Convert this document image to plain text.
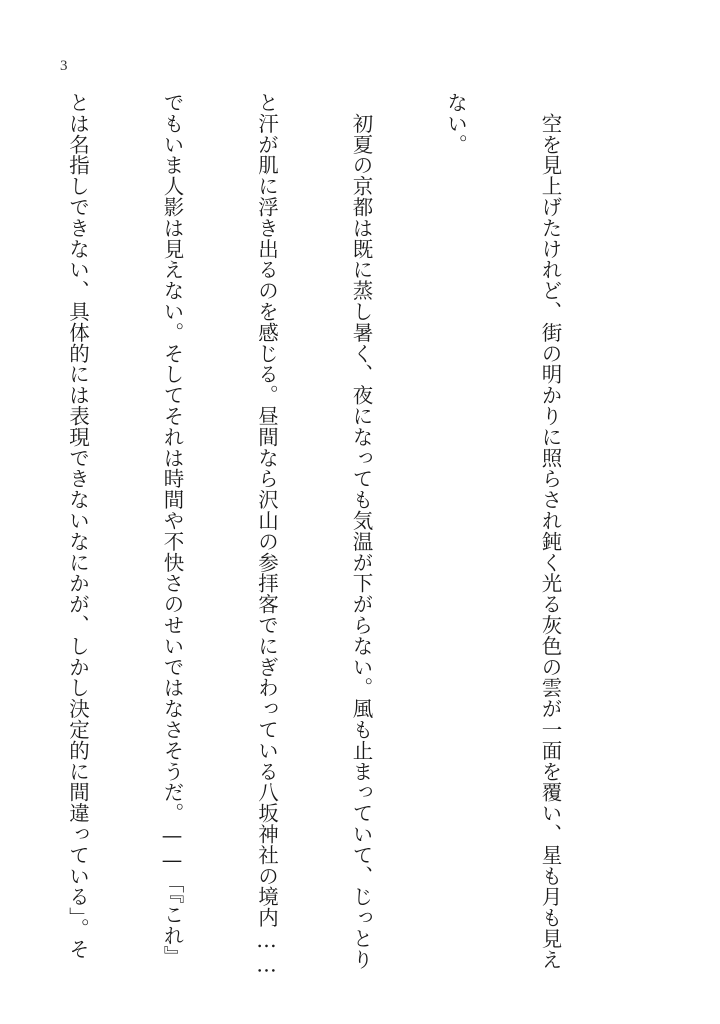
3

　空を見上げたけれど、街の明かりに照らされ鈍く光る灰色の雲が一面を覆い、星も月も見え

ない。

　初夏の京都は既に蒸し暑く、夜になっても気温が下がらない。風も止まっていて、じっとり

と汗が肌に浮き出るのを感じる。昼間なら沢山の参拝客でにぎわっている八坂神社の境内……

でもいま人影は見えない。そしてそれは時間や不快さのせいではなさそうだ。——「『これ』

とは名指しできない、具体的には表現できないなにかが、しかし決定的に間違っている」。そ
